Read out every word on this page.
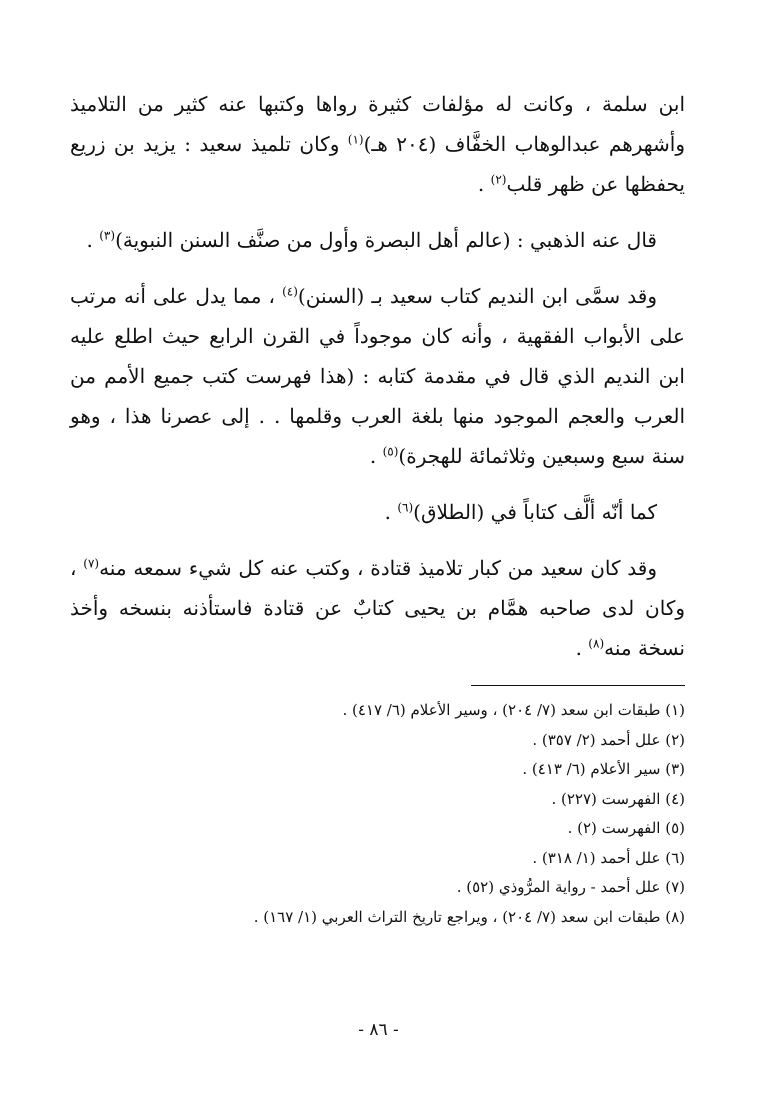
ابن سلمة ، وكانت له مؤلفات كثيرة رواها وكتبها عنه كثير من التلاميذ وأشهرهم عبدالوهاب الخفَّاف (٢٠٤ هـ)$^{(١)}$ وكان تلميذ سعيد : يزيد بن زريع يحفظها عن ظهر قلب$^{(٢)}$ .

قال عنه الذهبي : (عالم أهل البصرة وأول من صنَّف السنن النبوية)$^{(٣)}$ .

وقد سمَّى ابن النديم كتاب سعيد بـ (السنن)$^{(٤)}$ ، مما يدل على أنه مرتب على الأبواب الفقهية ، وأنه كان موجوداً في القرن الرابع حيث اطلع عليه ابن النديم الذي قال في مقدمة كتابه : (هذا فهرست كتب جميع الأمم من العرب والعجم الموجود منها بلغة العرب وقلمها . . إلى عصرنا هذا ، وهو سنة سبع وسبعين وثلاثمائة للهجرة)$^{(٥)}$ .

كما أنّه ألَّف كتاباً في (الطلاق)$^{(٦)}$ .

وقد كان سعيد من كبار تلاميذ قتادة ، وكتب عنه كل شيء سمعه منه$^{(٧)}$ ، وكان لدى صاحبه همَّام بن يحيى كتابٌ عن قتادة فاستأذنه بنسخه وأخذ نسخة منه$^{(٨)}$ .

(١) طبقات ابن سعد (٧/ ٢٠٤) ، وسير الأعلام (٦/ ٤١٧) .
(٢) علل أحمد (٢/ ٣٥٧) .
(٣) سير الأعلام (٦/ ٤١٣) .
(٤) الفهرست (٢٢٧) .
(٥) الفهرست (٢) .
(٦) علل أحمد (١/ ٣١٨) .
(٧) علل أحمد - رواية المرُّوذي (٥٢) .
(٨) طبقات ابن سعد (٧/ ٢٠٤) ، ويراجع تاريخ التراث العربي (١/ ١٦٧) .
- ٨٦ -
